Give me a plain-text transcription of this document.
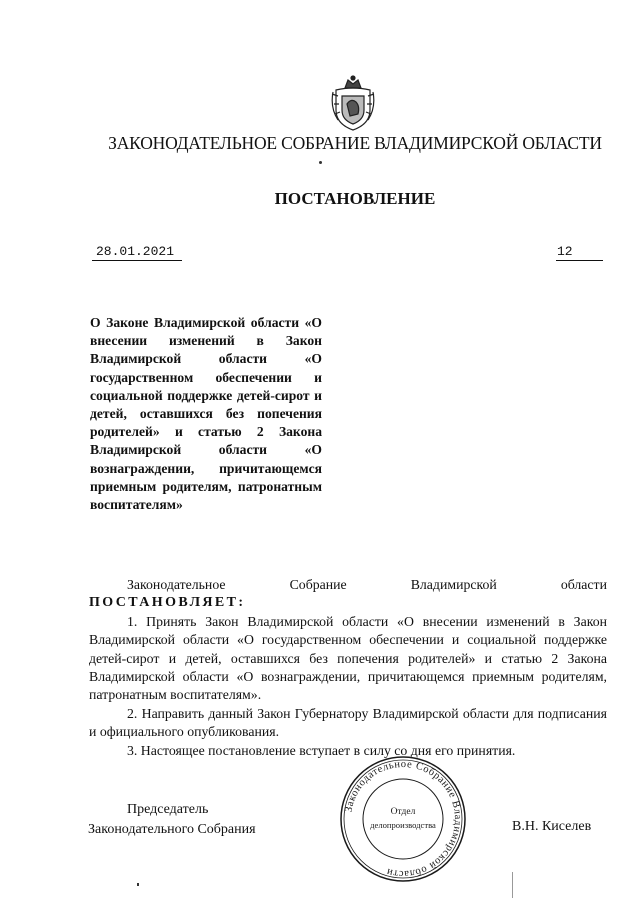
ЗАКОНОДАТЕЛЬНОЕ СОБРАНИЕ ВЛАДИМИРСКОЙ ОБЛАСТИ
ПОСТАНОВЛЕНИЕ
28.01.2021	12
О Законе Владимирской области «О внесении изменений в Закон Владимирской области «О государственном обеспечении и социальной поддержке детей-сирот и детей, оставшихся без попечения родителей» и статью 2 Закона Владимирской области «О вознаграждении, причитающемся приемным родителям, патронатным воспитателям»
Законодательное	Собрание	Владимирской	области

ПОСТАНОВЛЯЕТ:

1. Принять Закон Владимирской области «О внесении изменений в Закон Владимирской области «О государственном обеспечении и социальной поддержке детей-сирот и детей, оставшихся без попечения родителей» и статью 2 Закона Владимирской области «О вознаграждении, причитающемся приемным родителям, патронатным воспитателям».

2. Направить данный Закон Губернатору Владимирской области для подписания и официального опубликования.

3. Настоящее постановление вступает в силу со дня его принятия.

Председатель
Законодательного Собрания
Законодательное Собрание Владимирской области
Отдел
делопроизводства	В.Н. Киселев
